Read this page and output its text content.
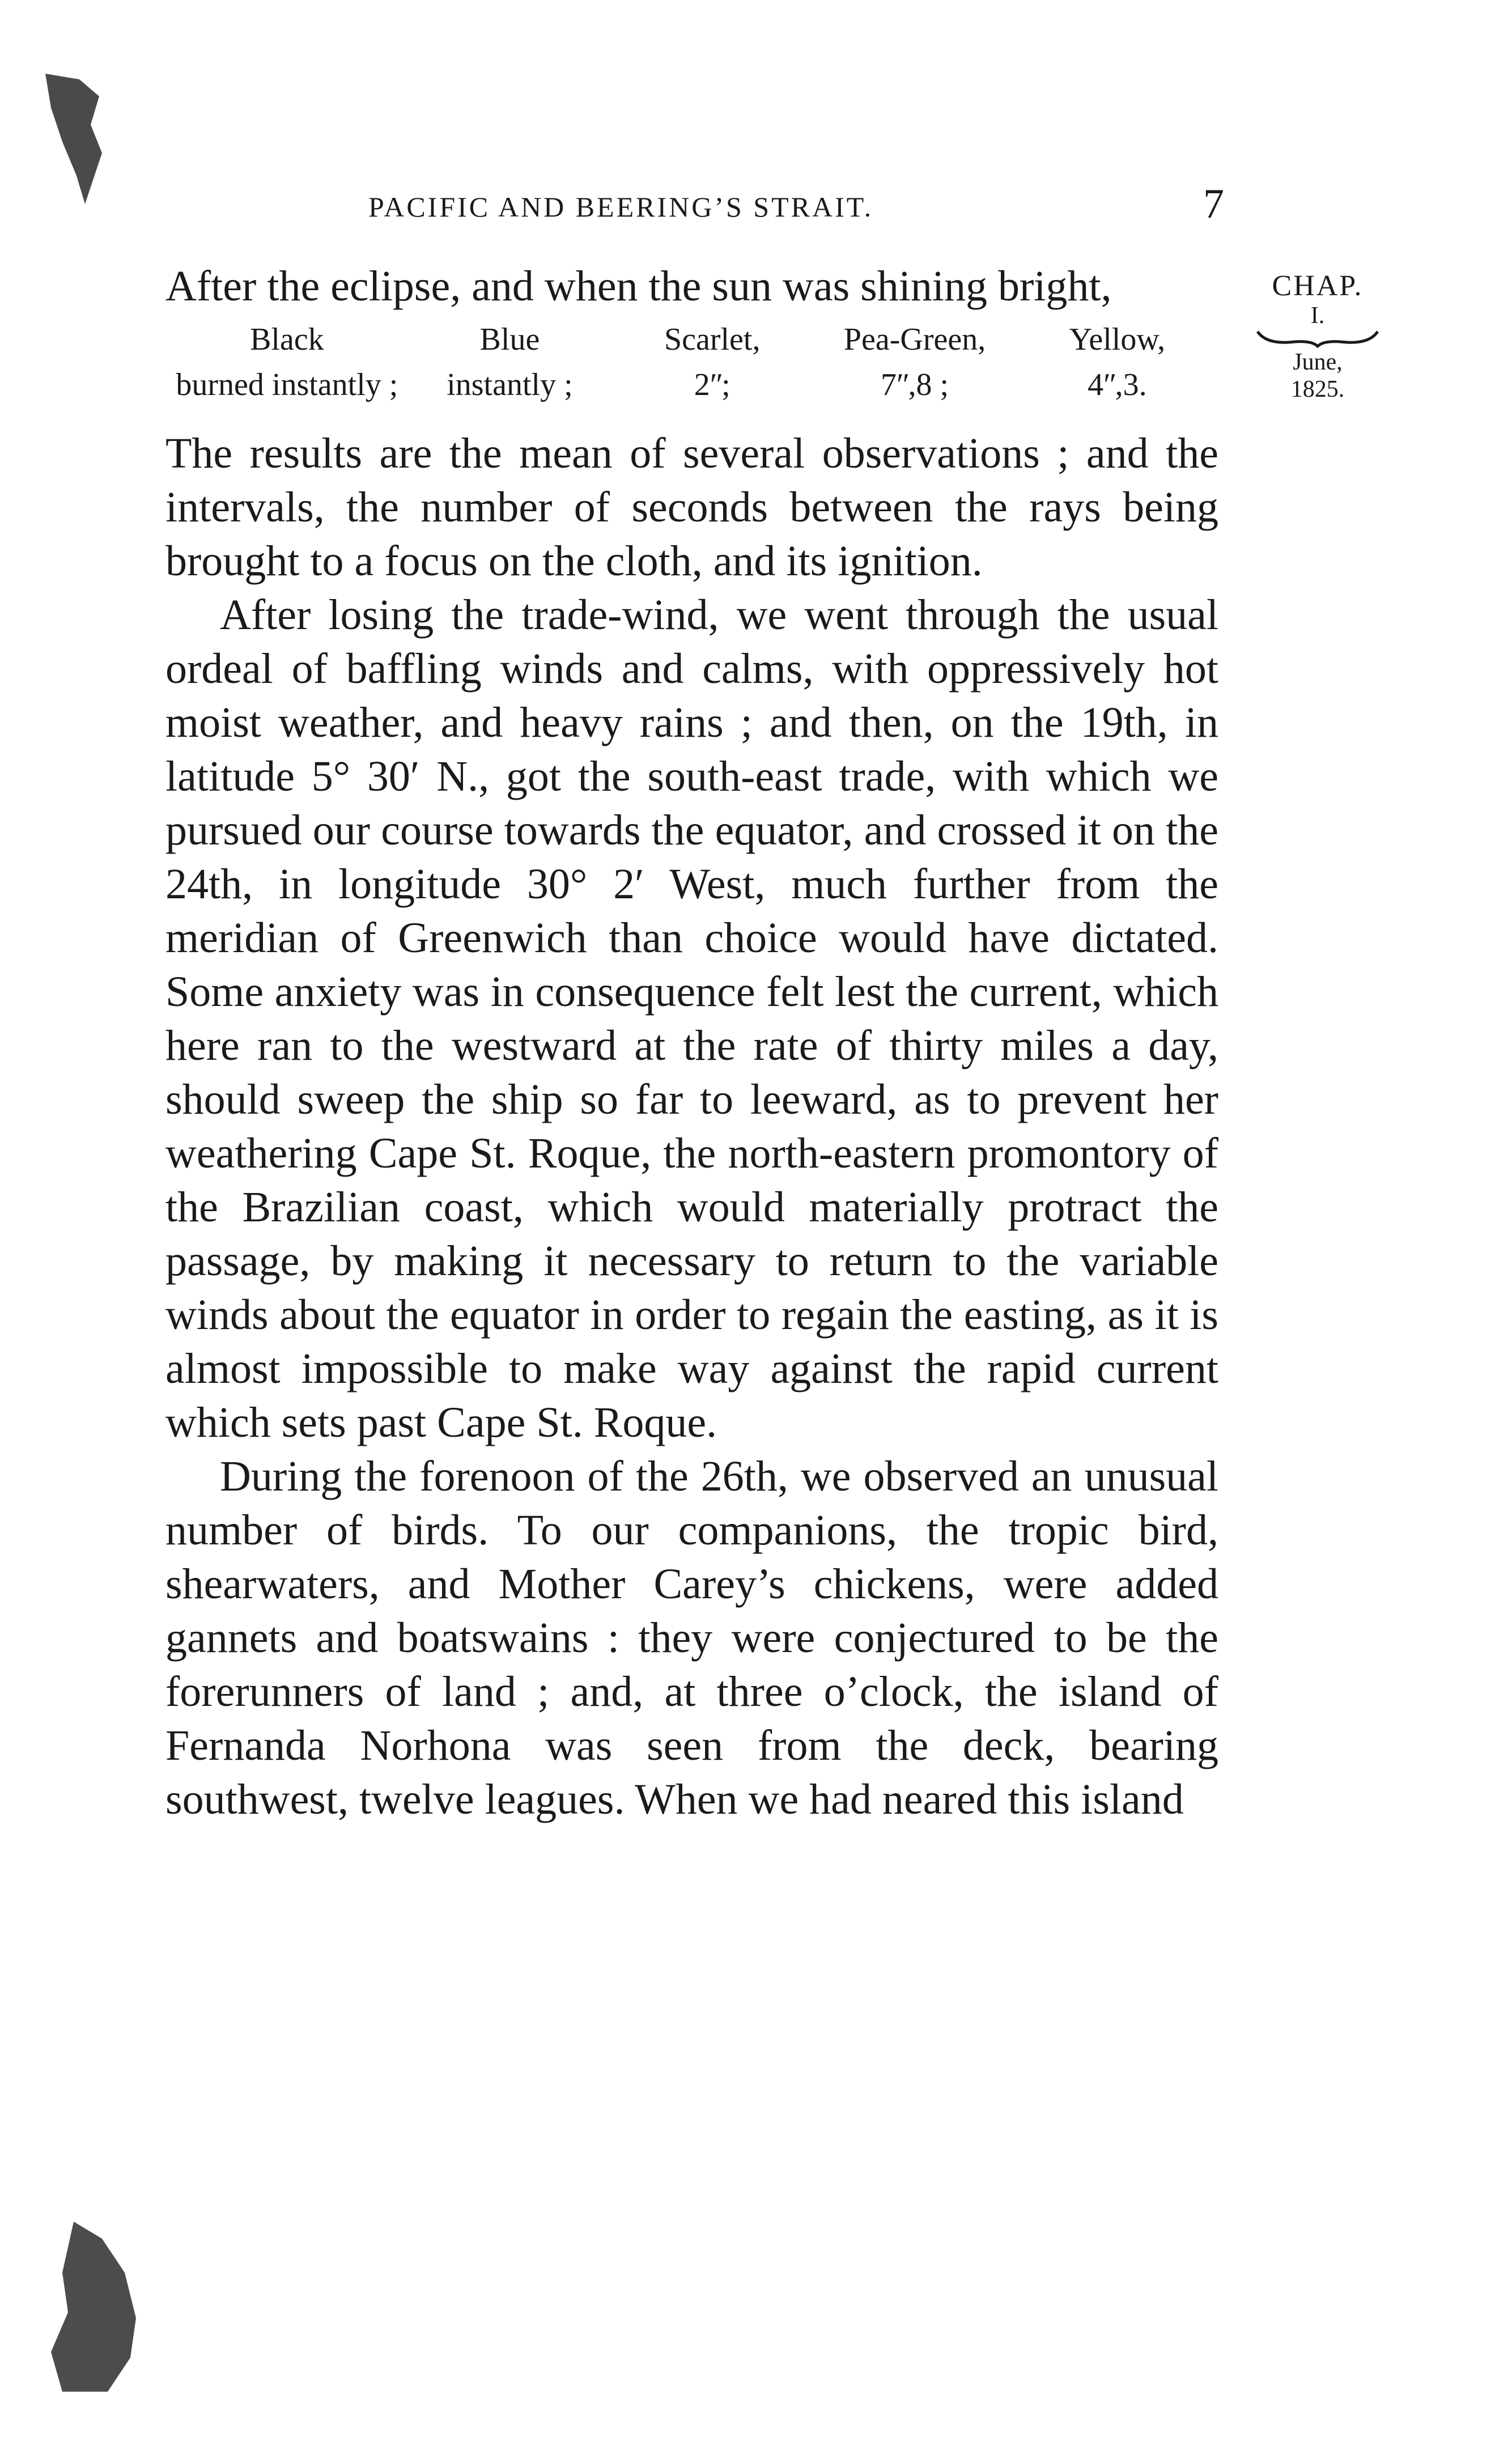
PACIFIC AND BEERING’S STRAIT.	7
CHAP.
I.
June,
1825.

After the eclipse, and when the sun was shining bright,

Black	Blue	Scarlet,	Pea-Green,	Yellow,
burned instantly ;	instantly ;	2ʺ;	7ʺ,8 ;	4ʺ,3.

The results are the mean of several observations ; and the intervals, the number of seconds between the rays being brought to a focus on the cloth, and its ignition.

After losing the trade-wind, we went through the usual ordeal of baffling winds and calms, with oppressively hot moist weather, and heavy rains ; and then, on the 19th, in latitude 5° 30′ N., got the south-east trade, with which we pursued our course towards the equator, and crossed it on the 24th, in longitude 30° 2′ West, much further from the meridian of Greenwich than choice would have dictated. Some anxiety was in consequence felt lest the current, which here ran to the westward at the rate of thirty miles a day, should sweep the ship so far to leeward, as to prevent her weathering Cape St. Roque, the north-eastern promontory of the Brazilian coast, which would materially protract the passage, by making it necessary to return to the variable winds about the equator in order to regain the easting, as it is almost impossible to make way against the rapid current which sets past Cape St. Roque.

During the forenoon of the 26th, we observed an unusual number of birds. To our companions, the tropic bird, shearwaters, and Mother Carey’s chickens, were added gannets and boatswains : they were conjectured to be the forerunners of land ; and, at three o’clock, the island of Fernanda Norhona was seen from the deck, bearing southwest, twelve leagues. When we had neared this island
